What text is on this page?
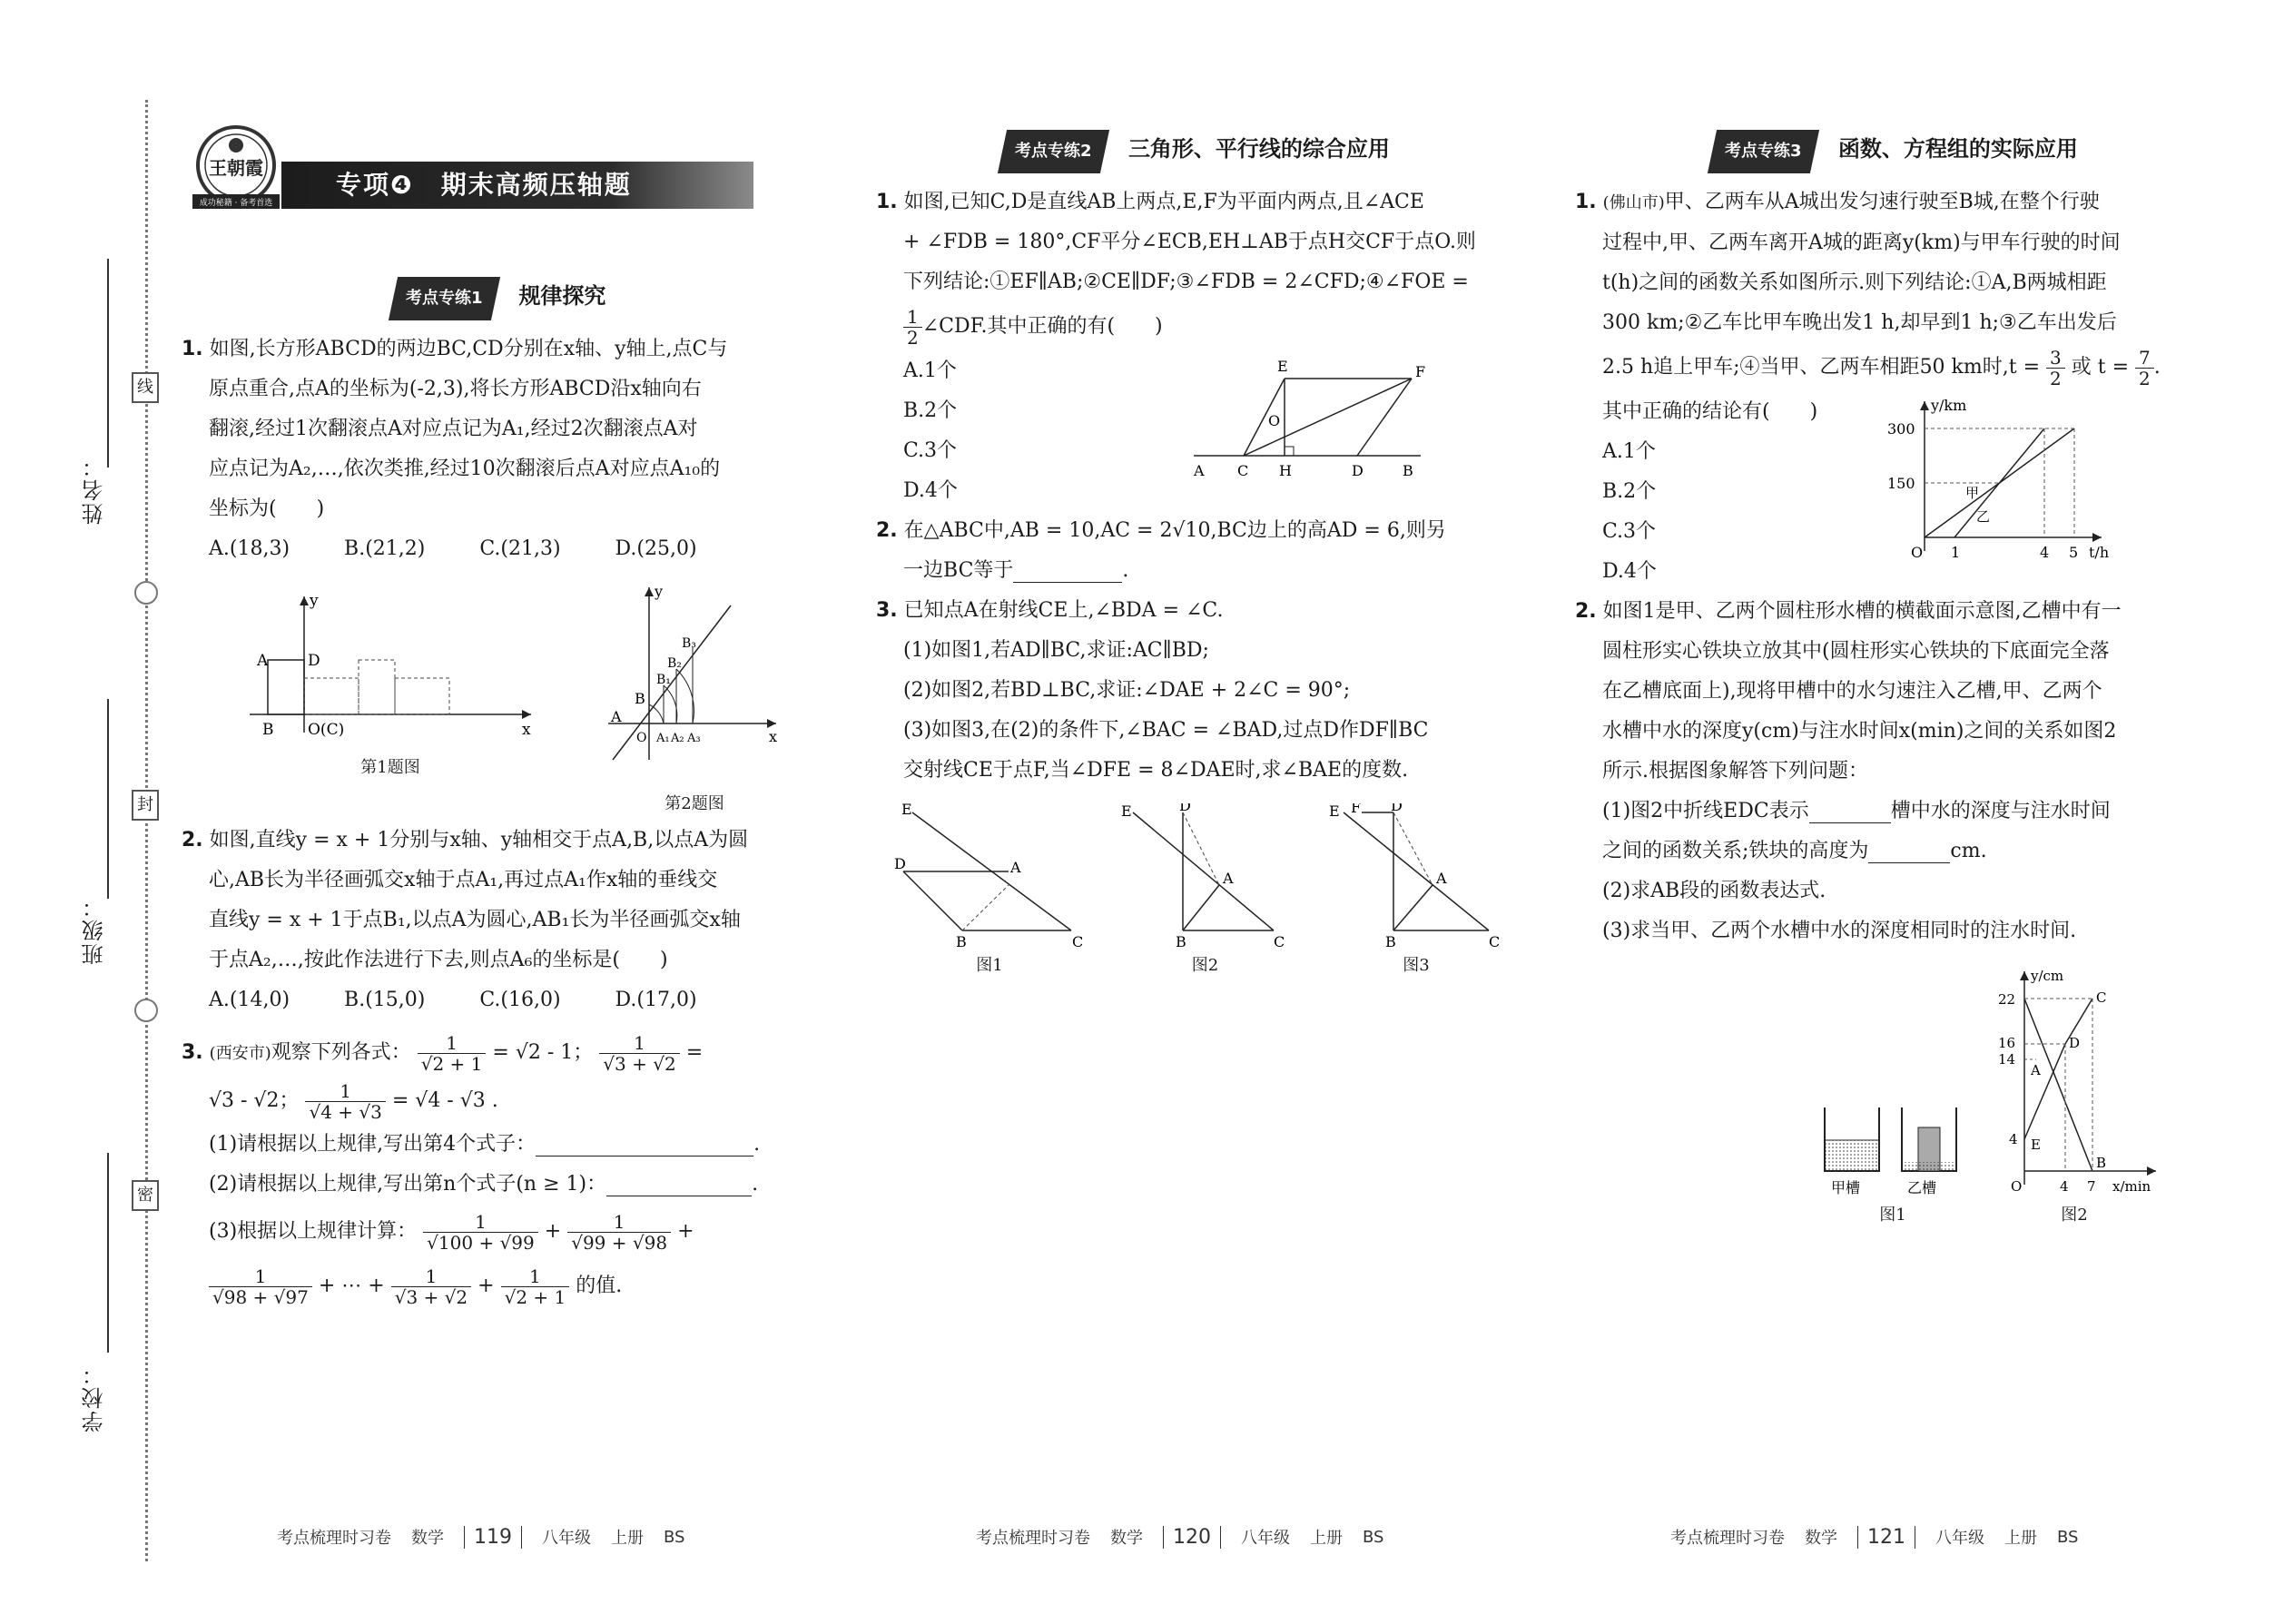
线
封
密
姓名：
班级：
学校：
王朝霞
成功秘籍 · 备考首选
专项❹　期末高频压轴题
考点专练1 规律探究
1. 如图,长方形ABCD的两边BC,CD分别在x轴、y轴上,点C与
原点重合,点A的坐标为(-2,3),将长方形ABCD沿x轴向右
翻滚,经过1次翻滚点A对应点记为A₁,经过2次翻滚点A对
应点记为A₂,…,依次类推,经过10次翻滚后点A对应点A₁₀的
坐标为(　　)
A.(18,3)	B.(21,2)	C.(21,3)	D.(25,0)
A	D
B O(C)
y
x
第1题图
A
O
B
B₁
B₂
B₃
A₁ A₂ A₃
y
x
第2题图
2. 如图,直线y = x + 1分别与x轴、y轴相交于点A,B,以点A为圆
心,AB长为半径画弧交x轴于点A₁,再过点A₁作x轴的垂线交
直线y = x + 1于点B₁,以点A为圆心,AB₁长为半径画弧交x轴
于点A₂,…,按此作法进行下去,则点A₆的坐标是(　　)
A.(14,0)	B.(15,0)	C.(16,0)	D.(17,0)
3. (西安市)观察下列各式： $\frac{1}{√2 + 1} = √2 - 1$； $\frac{1}{√3 + √2}$ =
√3 - √2； $\frac{1}{√4 + √3} = √4 - √3$ .
(1)请根据以上规律,写出第4个式子：	.
(2)请根据以上规律,写出第n个式子(n ≥ 1)：	.
(3)根据以上规律计算： $\frac{1}{√100 + √99} + \frac{1}{√99 + √98}$ +
$\frac{1}{√98 + √97}$ + ⋯ + $\frac{1}{√3 + √2} + \frac{1}{√2 + 1}$ 的值.
考点专练2 三角形、平行线的综合应用
1. 如图,已知C,D是直线AB上两点,E,F为平面内两点,且∠ACE
+ ∠FDB = 180°,CF平分∠ECB,EH⊥AB于点H交CF于点O.则
下列结论:①EF∥AB;②CE∥DF;③∠FDB = 2∠CFD;④∠FOE =
$\frac{1}{2}$ ∠CDF.其中正确的有(　　)
A.1个
B.2个
C.3个
D.4个
A C H	D	B
E	F
O
2. 在△ABC中,AB = 10,AC = 2√10,BC边上的高AD = 6,则另
一边BC等于	.
3. 已知点A在射线CE上,∠BDA = ∠C.
(1)如图1,若AD∥BC,求证:AC∥BD;
(2)如图2,若BD⊥BC,求证:∠DAE + 2∠C = 90°;
(3)如图3,在(2)的条件下,∠BAC = ∠BAD,过点D作DF∥BC
交射线CE于点F,当∠DFE = 8∠DAE时,求∠BAE的度数.
E
D	A
B	C
图1
E	D
A
B	C
图2
E F D
A
B	C
图3
考点专练3 函数、方程组的实际应用
1. (佛山市)甲、乙两车从A城出发匀速行驶至B城,在整个行驶
过程中,甲、乙两车离开A城的距离y(km)与甲车行驶的时间
t(h)之间的函数关系如图所示.则下列结论:①A,B两城相距
300 km;②乙车比甲车晚出发1 h,却早到1 h;③乙车出发后
2.5 h追上甲车;④当甲、乙两车相距50 km时$,t = \frac{3}{2}$ 或 $t = \frac{7}{2}$ .
其中正确的结论有(　　)
A.1个
B.2个
C.3个
D.4个
y/km
t/h
300
150
1	4 5
O
甲
乙
2. 如图1是甲、乙两个圆柱形水槽的横截面示意图,乙槽中有一
圆柱形实心铁块立放其中(圆柱形实心铁块的下底面完全落
在乙槽底面上),现将甲槽中的水匀速注入乙槽,甲、乙两个
水槽中水的深度y(cm)与注水时间x(min)之间的关系如图2
所示.根据图象解答下列问题：
(1)图2中折线EDC表示	槽中水的深度与注水时间
之间的函数关系;铁块的高度为	cm.
(2)求AB段的函数表达式.
(3)求当甲、乙两个水槽中水的深度相同时的注水时间.
甲槽	乙槽
图1
y/cm
x/min
22
16
14
4
4 7
O
C
D
A
E
B
图2
考点梳理时习卷 数学	119	八年级 上册 BS	考点梳理时习卷 数学	120	八年级 上册 BS	考点梳理时习卷 数学	121	八年级 上册 BS
